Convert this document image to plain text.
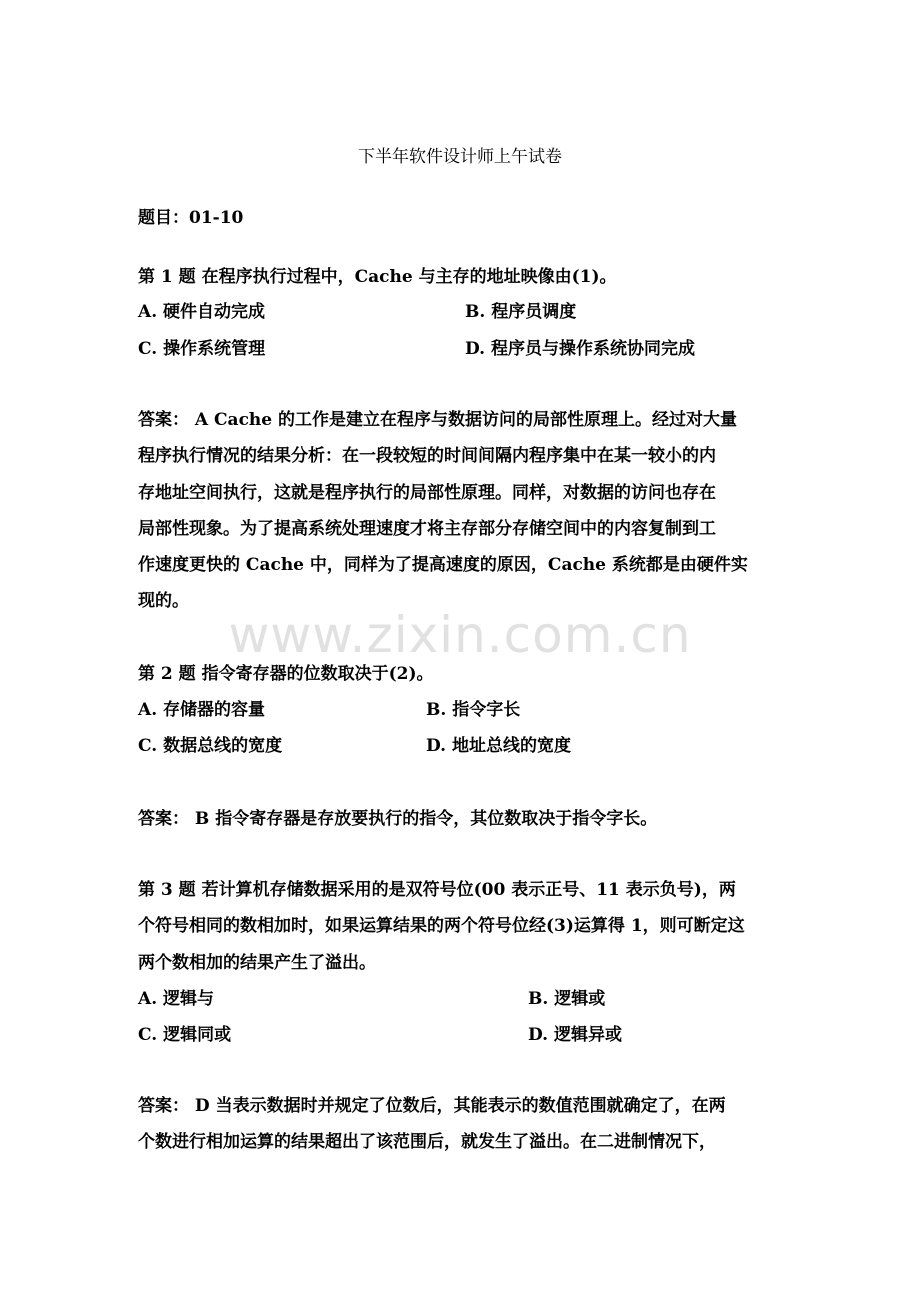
下半年软件设计师上午试卷
题目：01-10
第 1 题 在程序执行过程中，Cache 与主存的地址映像由(1)。
A. 硬件自动完成	B. 程序员调度
C. 操作系统管理	D. 程序员与操作系统协同完成
答案： A Cache 的工作是建立在程序与数据访问的局部性原理上。经过对大量
程序执行情况的结果分析：在一段较短的时间间隔内程序集中在某一较小的内
存地址空间执行，这就是程序执行的局部性原理。同样，对数据的访问也存在
局部性现象。为了提高系统处理速度才将主存部分存储空间中的内容复制到工
作速度更快的 Cache 中，同样为了提高速度的原因，Cache 系统都是由硬件实
现的。
www.zixin.com.cn
第 2 题 指令寄存器的位数取决于(2)。
A. 存储器的容量	B. 指令字长
C. 数据总线的宽度	D. 地址总线的宽度
答案： B 指令寄存器是存放要执行的指令，其位数取决于指令字长。
第 3 题 若计算机存储数据采用的是双符号位(00 表示正号、11 表示负号)，两
个符号相同的数相加时，如果运算结果的两个符号位经(3)运算得 1，则可断定这
两个数相加的结果产生了溢出。
A. 逻辑与	B. 逻辑或
C. 逻辑同或	D. 逻辑异或
答案： D 当表示数据时并规定了位数后，其能表示的数值范围就确定了，在两
个数进行相加运算的结果超出了该范围后，就发生了溢出。在二进制情况下，
